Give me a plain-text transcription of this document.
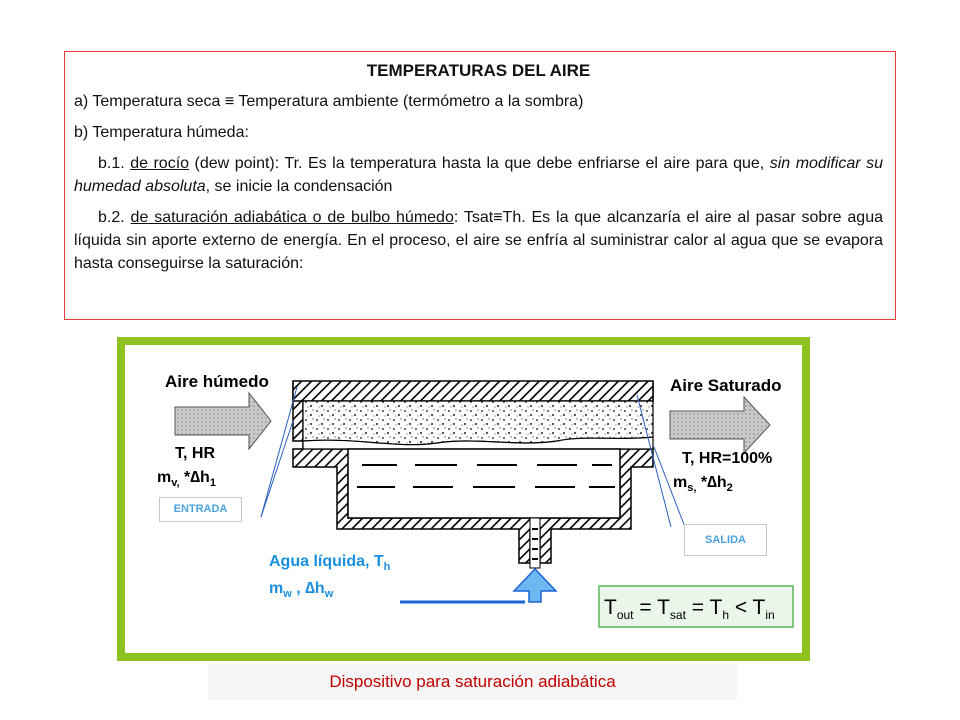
TEMPERATURAS DEL AIRE

a) Temperatura seca ≡ Temperatura ambiente (termómetro a la sombra)

b) Temperatura húmeda:

b.1. de rocío (dew point): Tr. Es la temperatura hasta la que debe enfriarse el aire para que, sin modificar su humedad absoluta, se inicie la condensación

b.2. de saturación adiabática o de bulbo húmedo: Tsat≡Th. Es la que alcanzaría el aire al pasar sobre agua líquida sin aporte externo de energía. En el proceso, el aire se enfría al suministrar calor al agua que se evapora hasta conseguirse la saturación:

Aire húmedo
T, HR
$m_{v,}$ $*\Delta h_1$
Aire Saturado
T, HR=100%
$m_{s,}$ $*\Delta h_2$
Agua líquida, $T_h$
$m_w$ , $\Delta h_w$
$T_{out} = T_{sat} = T_h < T_{in}$
ENTRADA
SALIDA
Dispositivo para saturación adiabática
